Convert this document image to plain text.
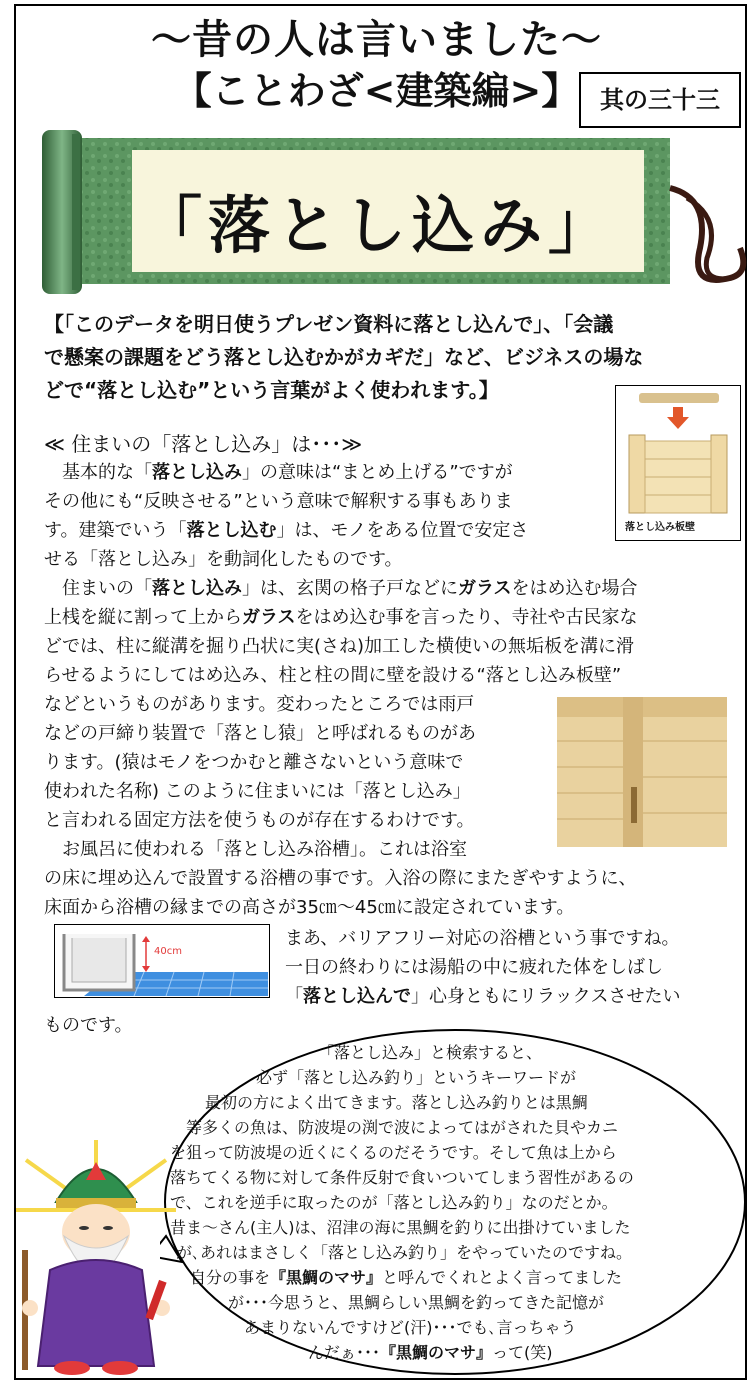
～昔の人は言いました～
【ことわざ<建築編>】 其の三十三
「落とし込み」
【「このデータを明日使うプレゼン資料に落とし込んで」、「会議
で懸案の課題をどう落とし込むかがカギだ」など、ビジネスの場な
どで“落とし込む”という言葉がよく使われます。】
落とし込み板壁
≪ 住まいの「落とし込み」は･･･≫
　基本的な「落とし込み」の意味は“まとめ上げる”ですが
その他にも“反映させる”という意味で解釈する事もありま
す。建築でいう「落とし込む」は、モノをある位置で安定さ
せる「落とし込み」を動詞化したものです。
　住まいの「落とし込み」は、玄関の格子戸などにガラスをはめ込む場合
上桟を縦に割って上からガラスをはめ込む事を言ったり、寺社や古民家な
どでは、柱に縦溝を掘り凸状に実(さね)加工した横使いの無垢板を溝に滑
らせるようにしてはめ込み、柱と柱の間に壁を設ける“落とし込み板壁”
などというものがあります。変わったところでは雨戸
などの戸締り装置で「落とし猿」と呼ばれるものがあ
ります。(猿はモノをつかむと離さないという意味で
使われた名称) このように住まいには「落とし込み」
と言われる固定方法を使うものが存在するわけです。
　お風呂に使われる「落とし込み浴槽」。これは浴室
の床に埋め込んで設置する浴槽の事です。入浴の際にまたぎやすように、
床面から浴槽の縁までの高さが35㎝～45㎝に設定されています。
40cm
まあ、バリアフリー対応の浴槽という事ですね。
一日の終わりには湯船の中に疲れた体をしばし
「落とし込んで」心身ともにリラックスさせたい
ものです。
「落とし込み」と検索すると、
必ず「落とし込み釣り」というキーワードが
最初の方によく出てきます。落とし込み釣りとは黒鯛
等多くの魚は、防波堤の渕で波によってはがされた貝やカニ
を狙って防波堤の近くにくるのだそうです。そして魚は上から
落ちてくる物に対して条件反射で食いついてしまう習性があるの
で、これを逆手に取ったのが「落とし込み釣り」なのだとか。
昔ま～さん(主人)は、沼津の海に黒鯛を釣りに出掛けていました
が､あれはまさしく「落とし込み釣り」をやっていたのですね。
自分の事を『黒鯛のマサ』と呼んでくれとよく言ってました
が･･･今思うと、黒鯛らしい黒鯛を釣ってきた記憶が
あまりないんですけど(汗)･･･でも､言っちゃう
んだぁ･･･『黒鯛のマサ』って(笑)
